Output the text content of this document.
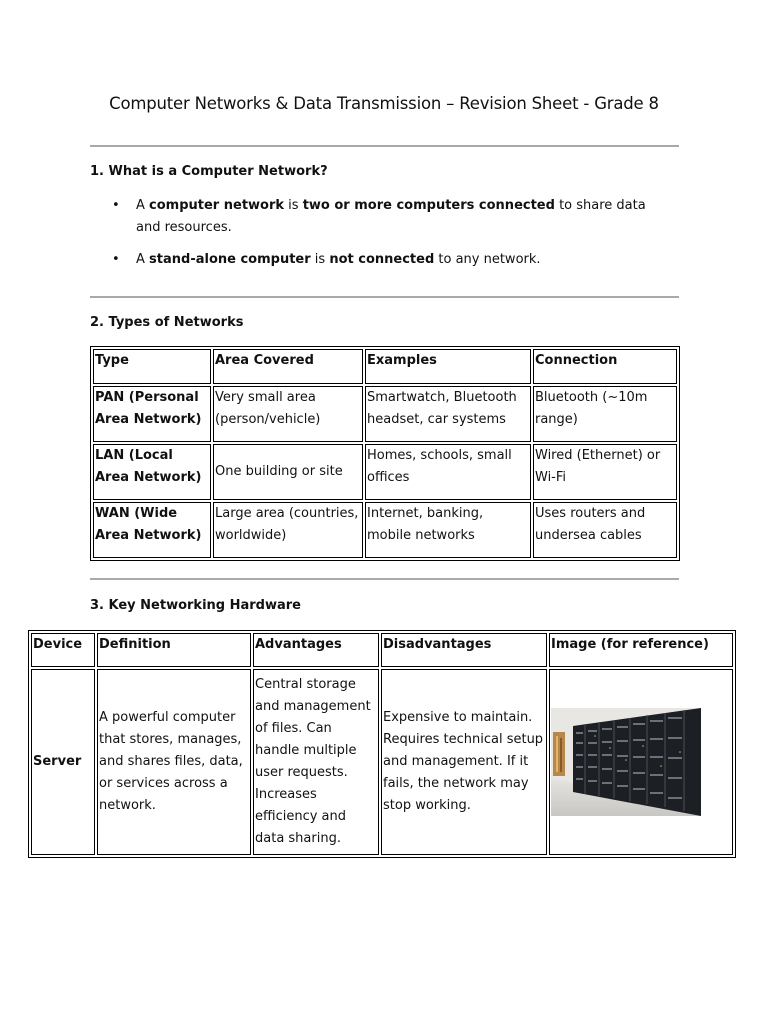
Computer Networks & Data Transmission – Revision Sheet - Grade 8
1. What is a Computer Network?
• A computer network is two or more computers connected to share data and resources.
• A stand-alone computer is not connected to any network.
2. Types of Networks
Type	Area Covered	Examples	Connection
PAN (Personal Area Network)	Very small area (person/vehicle)	Smartwatch, Bluetooth headset, car systems	Bluetooth (~10m range)
LAN (Local Area Network)	One building or site	Homes, schools, small offices	Wired (Ethernet) or Wi-Fi
WAN (Wide Area Network)	Large area (countries, worldwide)	Internet, banking, mobile networks	Uses routers and undersea cables
3. Key Networking Hardware
Device	Definition	Advantages	Disadvantages	Image (for reference)
Server	A powerful computer that stores, manages, and shares files, data, or services across a network.	Central storage and management of files. Can handle multiple user requests. Increases efficiency and data sharing.	Expensive to maintain. Requires technical setup and management. If it fails, the network may stop working.	
